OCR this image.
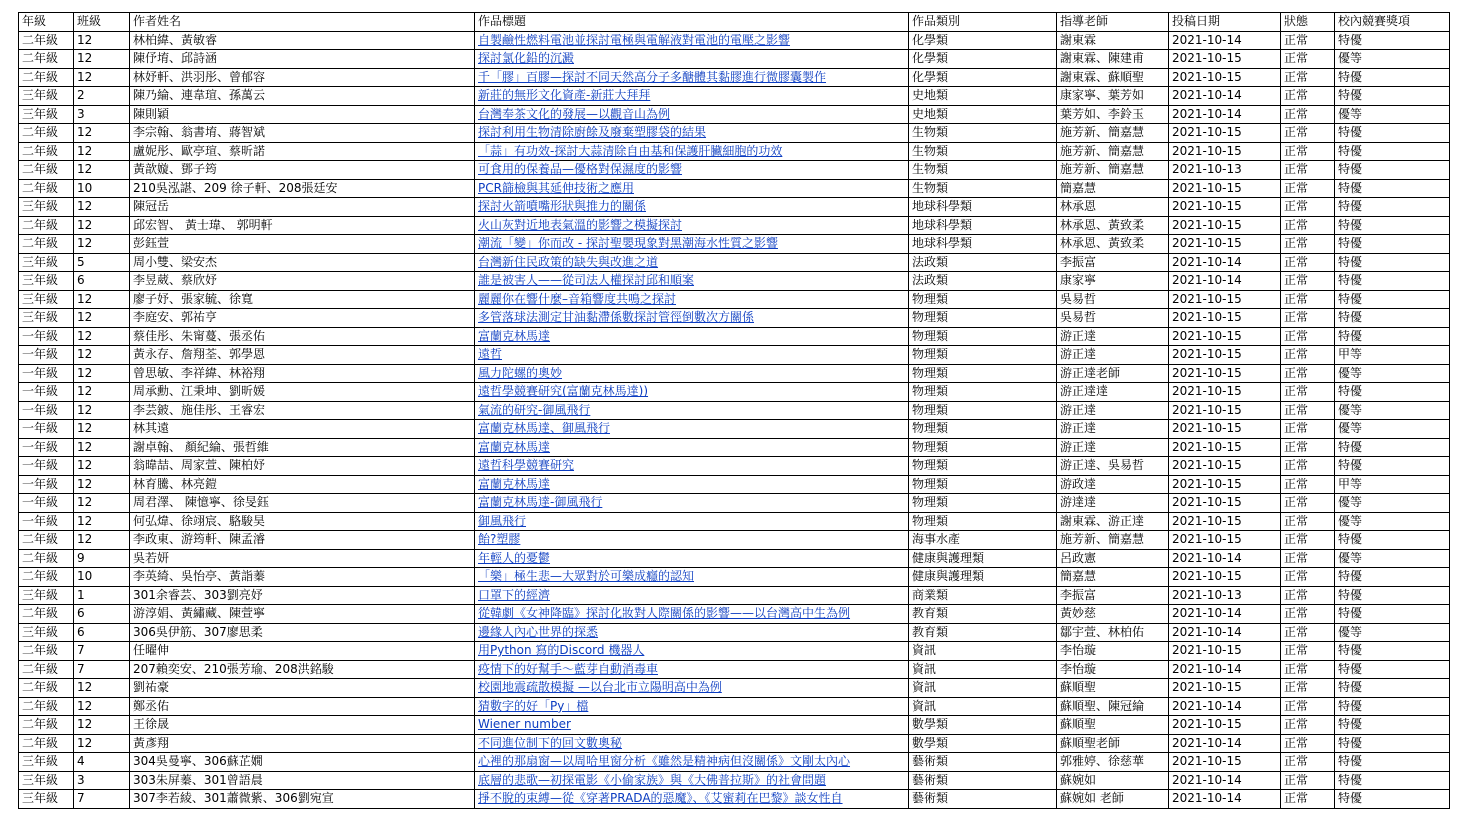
年級	班級	作者姓名	作品標題	作品類別	指導老師	投稿日期	狀態	校內競賽獎項
二年級	12	林柏緯、黃敏睿	自製鹼性燃料電池並探討電極與電解液對電池的電壓之影響	化學類	謝東霖	2021-10-14	正常	特優
二年級	12	陳伃堉、邱詩涵	探討氯化鉛的沉澱	化學類	謝東霖、陳建甫	2021-10-15	正常	優等
二年級	12	林妤軒、洪羽彤、曾郁容	千「膠」百膠—探討不同天然高分子多醣體其黏膠進行微膠囊製作	化學類	謝東霖、蘇順聖	2021-10-15	正常	特優
三年級	2	陳乃綸、連韋瑄、孫萬云	新莊的無形文化資產-新莊大拜拜	史地類	康家寧、葉芳如	2021-10-14	正常	特優
三年級	3	陳則穎	台灣奉茶文化的發展—以觀音山為例	史地類	葉芳如、李鈴玉	2021-10-14	正常	優等
二年級	12	李宗翰、翁書堉、蔣智斌	探討利用生物清除廚餘及廢棄塑膠袋的結果	生物類	施芳新、簡嘉慧	2021-10-15	正常	特優
二年級	12	盧妮彤、歐亭瑄、蔡昕諾	「蒜」有功效-探討大蒜清除自由基和保護肝臟細胞的功效	生物類	施芳新、簡嘉慧	2021-10-15	正常	特優
二年級	12	黃歆嫙、鄧子筠	可食用的保養品—優格對保濕度的影響	生物類	施芳新、簡嘉慧	2021-10-13	正常	特優
二年級	10	210吳泓諶、209 徐子軒、208張廷安	PCR篩檢與其延伸技術之應用	生物類	簡嘉慧	2021-10-15	正常	特優
三年級	12	陳冠岳	探討火箭噴嘴形狀與推力的關係	地球科學類	林承恩	2021-10-15	正常	特優
二年級	12	邱宏智、 黃士瑋、 郭明軒	火山灰對近地表氣溫的影響之模擬探討	地球科學類	林承恩、黃致柔	2021-10-15	正常	特優
二年級	12	彭鈺萱	潮流「變」你而改 - 探討聖嬰現象對黑潮海水性質之影響	地球科學類	林承恩、黃致柔	2021-10-15	正常	特優
三年級	5	周小雙、梁安杰	台灣新住民政策的缺失與改進之道	法政類	李振富	2021-10-14	正常	特優
三年級	6	李昱葳、蔡欣妤	誰是被害人——從司法人權探討邱和順案	法政類	康家寧	2021-10-14	正常	特優
三年級	12	廖子妤、張家毓、徐寬	麗麗你在響什麼–音箱響度共鳴之探討	物理類	吳易哲	2021-10-15	正常	特優
三年級	12	李庭安、郭祐亨	多管落球法測定甘油黏滯係數探討管徑倒數次方關係	物理類	吳易哲	2021-10-15	正常	特優
一年級	12	蔡佳彤、朱甯蔓、張丞佑	富蘭克林馬達	物理類	游正達	2021-10-15	正常	特優
一年級	12	黃永存、詹翔荃、郭學恩	遠哲	物理類	游正達	2021-10-15	正常	甲等
一年級	12	曾思敏、李祥緯、林裕翔	風力陀螺的奧妙	物理類	游正達老師	2021-10-15	正常	優等
一年級	12	周承勳、江秉坤、劉昕媛	遠哲學競賽研究(富蘭克林馬達))	物理類	游正達達	2021-10-15	正常	特優
一年級	12	李芸鈹、施佳彤、王睿宏	氣流的研究-御風飛行	物理類	游正達	2021-10-15	正常	優等
一年級	12	林其遠	富蘭克林馬達、御風飛行	物理類	游正達	2021-10-15	正常	優等
一年級	12	謝卓翰、 顏紀綸、張哲維	富蘭克林馬達	物理類	游正達	2021-10-15	正常	特優
一年級	12	翁暐喆、周家萱、陳柏妤	遠哲科學競賽研究	物理類	游正達、吳易哲	2021-10-15	正常	特優
一年級	12	林育騰、林亮鎧	富蘭克林馬達	物理類	游政達	2021-10-15	正常	甲等
一年級	12	周君澤、 陳憶寧、徐旻鈺	富蘭克林馬達-御風飛行	物理類	游達達	2021-10-15	正常	優等
一年級	12	何弘煒、徐翊宸、駱駿昊	御風飛行	物理類	謝東霖、游正達	2021-10-15	正常	優等
二年級	12	李政東、游筠軒、陳孟濬	飴?塑膠	海事水產	施芳新、簡嘉慧	2021-10-15	正常	特優
二年級	9	吳若妍	年輕人的憂鬱	健康與護理類	呂政憲	2021-10-14	正常	優等
二年級	10	李英綺、吳怡亭、黃詣蓁	「樂」極生悲—大眾對於可樂成癮的認知	健康與護理類	簡嘉慧	2021-10-15	正常	特優
三年級	1	301余睿芸、303劉亮妤	口罩下的經濟	商業類	李振富	2021-10-13	正常	特優
二年級	6	游淳娟、黃繡藏、陳萱寧	從韓劇《女神降臨》探討化妝對人際關係的影響——以台灣高中生為例	教育類	黃妙慈	2021-10-14	正常	特優
三年級	6	306吳伊筋、307廖思柔	邊緣人內心世界的探悉	教育類	鄒宇萱、林柏佑	2021-10-14	正常	優等
二年級	7	任曜伸	用Python 寫的Discord 機器人	資訊	李怡璇	2021-10-15	正常	特優
二年級	7	207賴奕安、210張芳瑜、208洪銘駿	疫情下的好幫手～藍芽自動消毒車	資訊	李怡璇	2021-10-14	正常	特優
二年級	12	劉祐豪	校園地震疏散模擬 —以台北市立陽明高中為例	資訊	蘇順聖	2021-10-15	正常	特優
二年級	12	鄭丞佑	猜數字的好「Py」檔	資訊	蘇順聖、陳冠綸	2021-10-14	正常	特優
二年級	12	王徐晟	Wiener number	數學類	蘇順聖	2021-10-15	正常	特優
二年級	12	黃彥翔	不同進位制下的回文數奧秘	數學類	蘇順聖老師	2021-10-14	正常	特優
三年級	4	304吳曼寧、306蘇芷嫺	心裡的那扇窗—以周哈里窗分析《雖然是精神病但沒關係》文剛太內心	藝術類	郭雅婷、徐慈華	2021-10-15	正常	特優
三年級	3	303朱屏蓁、301曾語晨	底層的悲歌—初探電影《小偷家族》與《大佛普拉斯》的社會問題	藝術類	蘇婉如	2021-10-14	正常	特優
三年級	7	307李若綾、301蕭微紫、306劉宛宣	掙不脫的束縛—從《穿著PRADA的惡魔》、《艾蜜莉在巴黎》談女性自	藝術類	蘇婉如 老師	2021-10-14	正常	特優
